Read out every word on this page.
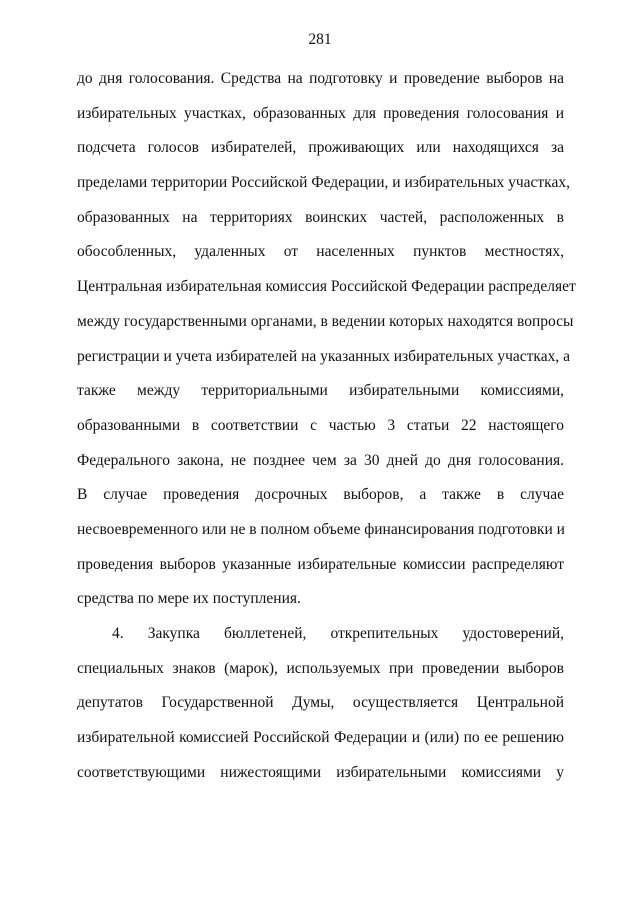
281
до дня голосования. Средства на подготовку и проведение выборов на
избирательных участках, образованных для проведения голосования и
подсчета голосов избирателей, проживающих или находящихся за
пределами территории Российской Федерации, и избирательных участках,
образованных на территориях воинских частей, расположенных в
обособленных, удаленных от населенных пунктов местностях,
Центральная избирательная комиссия Российской Федерации распределяет
между государственными органами, в ведении которых находятся вопросы
регистрации и учета избирателей на указанных избирательных участках, а
также между территориальными избирательными комиссиями,
образованными в соответствии с частью 3 статьи 22 настоящего
Федерального закона, не позднее чем за 30 дней до дня голосования.
В случае проведения досрочных выборов, а также в случае
несвоевременного или не в полном объеме финансирования подготовки и
проведения выборов указанные избирательные комиссии распределяют
средства по мере их поступления.
4. Закупка бюллетеней, открепительных удостоверений,
специальных знаков (марок), используемых при проведении выборов
депутатов Государственной Думы, осуществляется Центральной
избирательной комиссией Российской Федерации и (или) по ее решению
соответствующими нижестоящими избирательными комиссиями у
